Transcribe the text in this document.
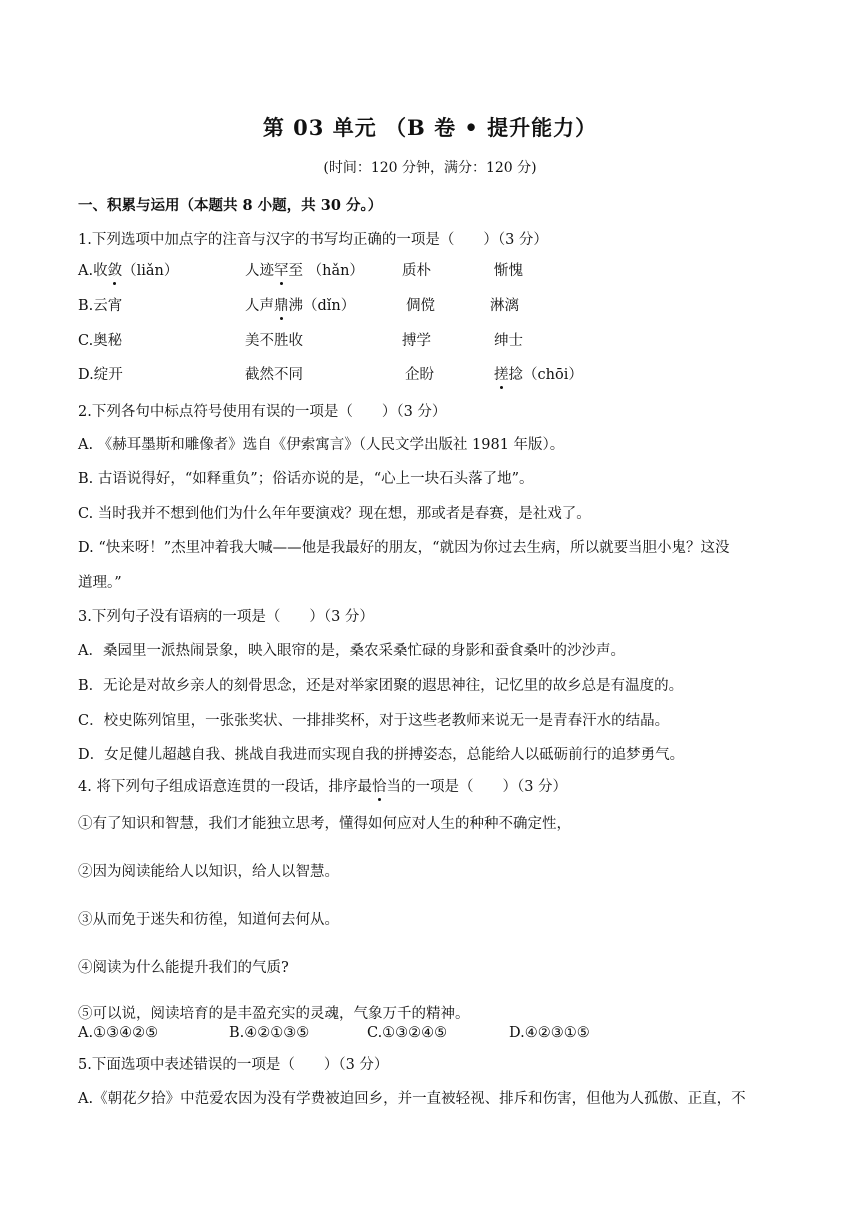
第 03 单元 （B 卷 • 提升能力）
(时间：120 分钟，满分：120 分)
一、积累与运用（本题共 8 小题，共 30 分。）
1.下列选项中加点字的注音与汉字的书写均正确的一项是（　　）（3 分）
A.收敛（liǎn）	人迹罕至 （hǎn）	质朴	惭愧
B.云宵	人声鼎沸（dǐn）	倜傥	淋漓
C.奥秘	美不胜收	搏学	绅士
D.绽开	截然不同	企盼	搓捻（chōi）
2.下列各句中标点符号使用有误的一项是（　　）（3 分）
A. 《赫耳墨斯和雕像者》选自《伊索寓言》（人民文学出版社 1981 年版）。
B. 古语说得好，“如释重负”；俗话亦说的是，“心上一块石头落了地”。
C. 当时我并不想到他们为什么年年要演戏？现在想，那或者是春赛，是社戏了。
D. “快来呀！”杰里冲着我大喊——他是我最好的朋友，“就因为你过去生病，所以就要当胆小鬼？这没
道理。”
3.下列句子没有语病的一项是（　　）（3 分）
A．桑园里一派热闹景象，映入眼帘的是，桑农采桑忙碌的身影和蚕食桑叶的沙沙声。
B．无论是对故乡亲人的刻骨思念，还是对举家团聚的遐思神往，记忆里的故乡总是有温度的。
C．校史陈列馆里，一张张奖状、一排排奖杯，对于这些老教师来说无一是青春汗水的结晶。
D．女足健儿超越自我、挑战自我进而实现自我的拼搏姿态，总能给人以砥砺前行的追梦勇气。
4. 将下列句子组成语意连贯的一段话，排序最恰当的一项是（　　）（3 分）
①有了知识和智慧，我们才能独立思考，懂得如何应对人生的种种不确定性，
②因为阅读能给人以知识，给人以智慧。
③从而免于迷失和彷徨，知道何去何从。
④阅读为什么能提升我们的气质?
⑤可以说，阅读培育的是丰盈充实的灵魂，气象万千的精神。
A.①③④②⑤	B.④②①③⑤	C.①③②④⑤	D.④②③①⑤
5.下面选项中表述错误的一项是（　　）（3 分）
A.《朝花夕拾》中范爱农因为没有学费被迫回乡，并一直被轻视、排斥和伤害，但他为人孤傲、正直，不
